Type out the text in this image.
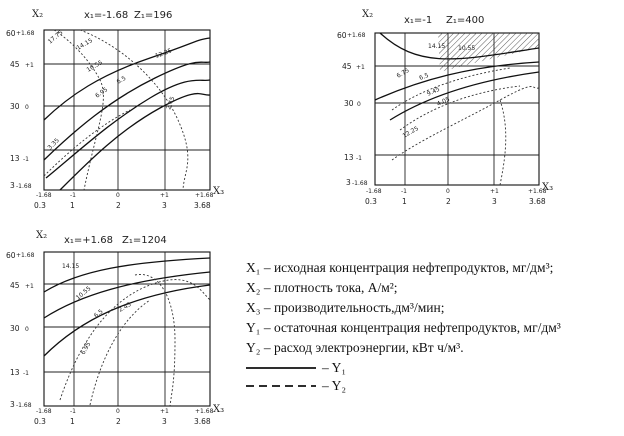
X₂	x₁=-1.68 Z₁=196
17.75 14.15
10.55
6.95
3.35
12.25
6.5
2.45
60 +1.68
45 +1
30 0
13 -1
3 -1.68
-1.68	-1	0	+1	+1.68
0.3	1	2	3	3.68
X₃
X₂
x₁=-1 Z₁=400
14.15 10.55
6.75 6.5
9.45
4.05
12.25
60 +1.68
45 +1
30 0
13 -1
3 -1.68
-1.68	-1	0	+1	+1.68
0.3	1	2	3	3.68
X₃
X₂ x₁=+1.68 Z₁=1204
14.15
10.55
6.5
2.45
6.95
60 +1.68
45 +1
30 0
13 -1
3 -1.68
-1.68	-1	0	+1	+1.68
0.3	1	2	3	3.68
X₃
X₁ – исходная концентрация нефтепродуктов, мг/дм³;
X₂ – плотность тока, А/м²;
X₃ – производительность,дм³/мин;
Y₁ – остаточная концентрация нефтепродуктов, мг/дм³
Y₂ – расход электроэнергии, кВт ч/м³.
– Y₁
– Y₂
